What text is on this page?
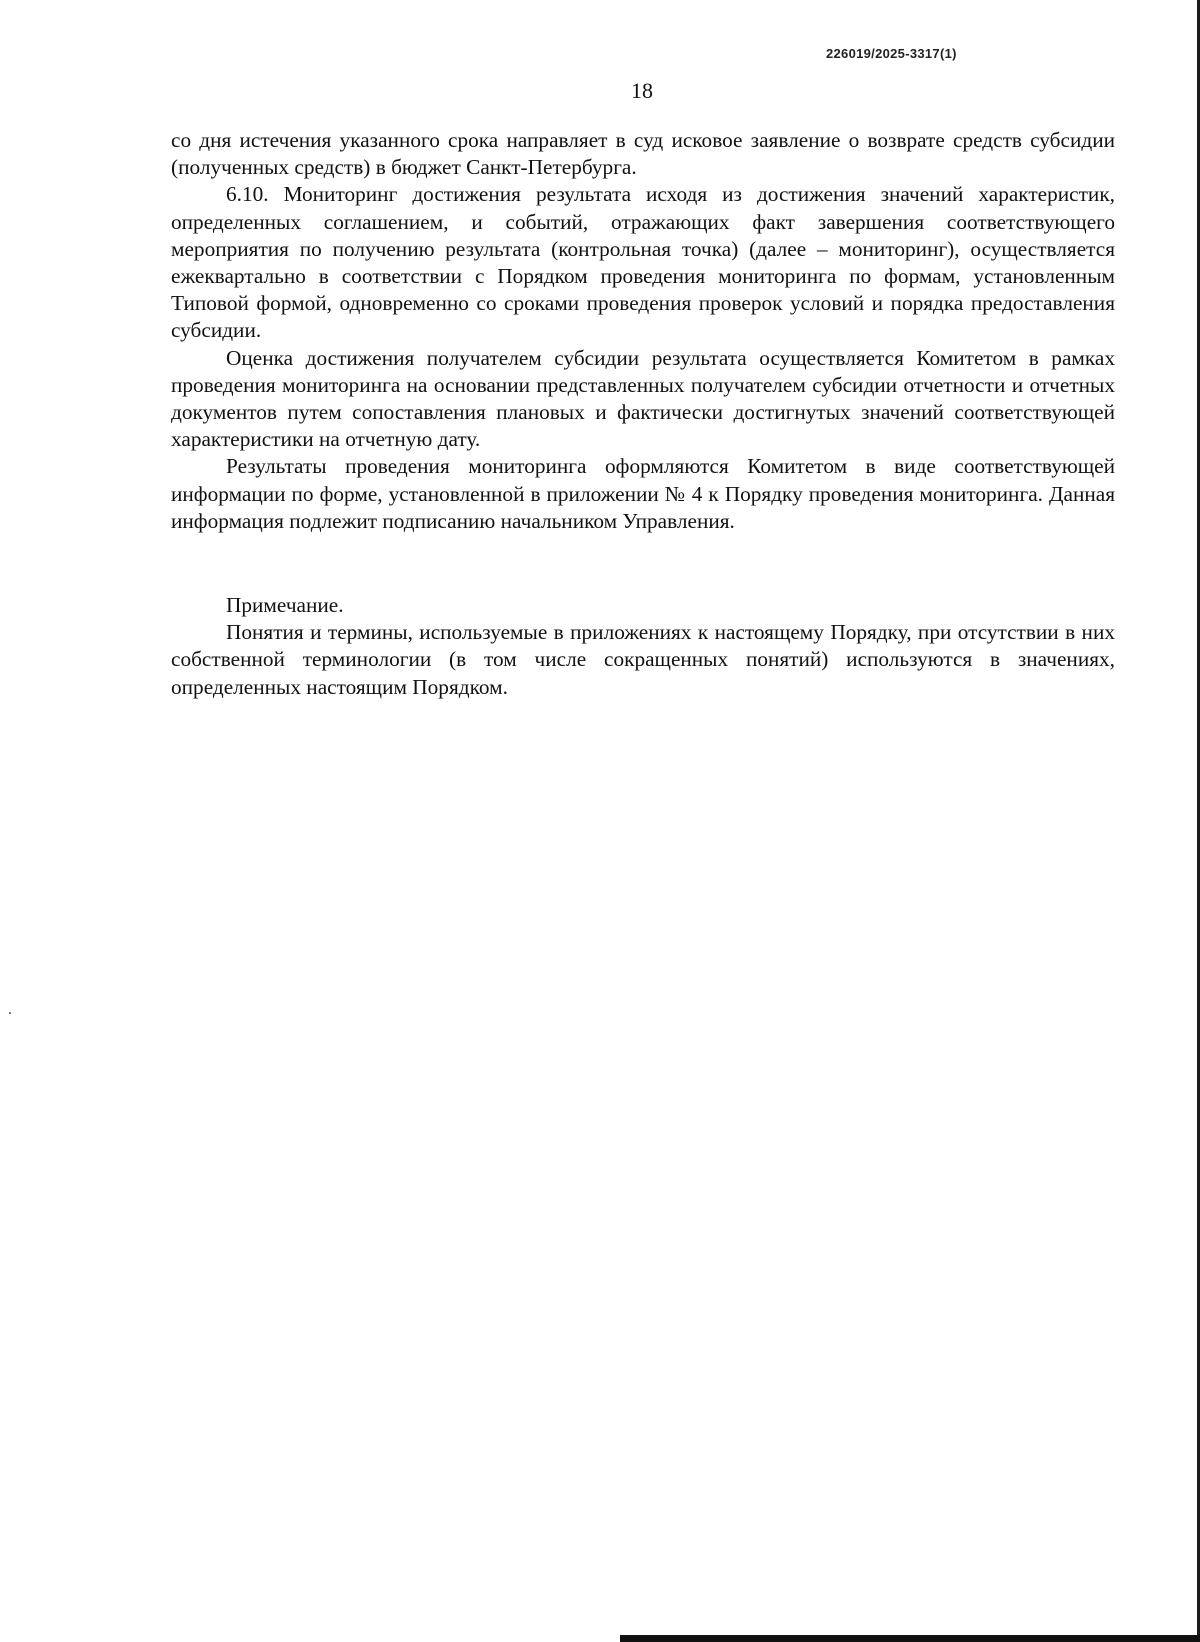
226019/2025-3317(1)
18

со дня истечения указанного срока направляет в суд исковое заявление о возврате средств субсидии (полученных средств) в бюджет Санкт-Петербурга.

6.10. Мониторинг достижения результата исходя из достижения значений характеристик, определенных соглашением, и событий, отражающих факт завершения соответствующего мероприятия по получению результата (контрольная точка) (далее – мониторинг), осуществляется ежеквартально в соответствии с Порядком проведения мониторинга по формам, установленным Типовой формой, одновременно со сроками проведения проверок условий и порядка предоставления субсидии.

Оценка достижения получателем субсидии результата осуществляется Комитетом в рамках проведения мониторинга на основании представленных получателем субсидии отчетности и отчетных документов путем сопоставления плановых и фактически достигнутых значений соответствующей характеристики на отчетную дату.

Результаты проведения мониторинга оформляются Комитетом в виде соответствующей информации по форме, установленной в приложении № 4 к Порядку проведения мониторинга. Данная информация подлежит подписанию начальником Управления.

Примечание.

Понятия и термины, используемые в приложениях к настоящему Порядку, при отсутствии в них собственной терминологии (в том числе сокращенных понятий) используются в значениях, определенных настоящим Порядком.
